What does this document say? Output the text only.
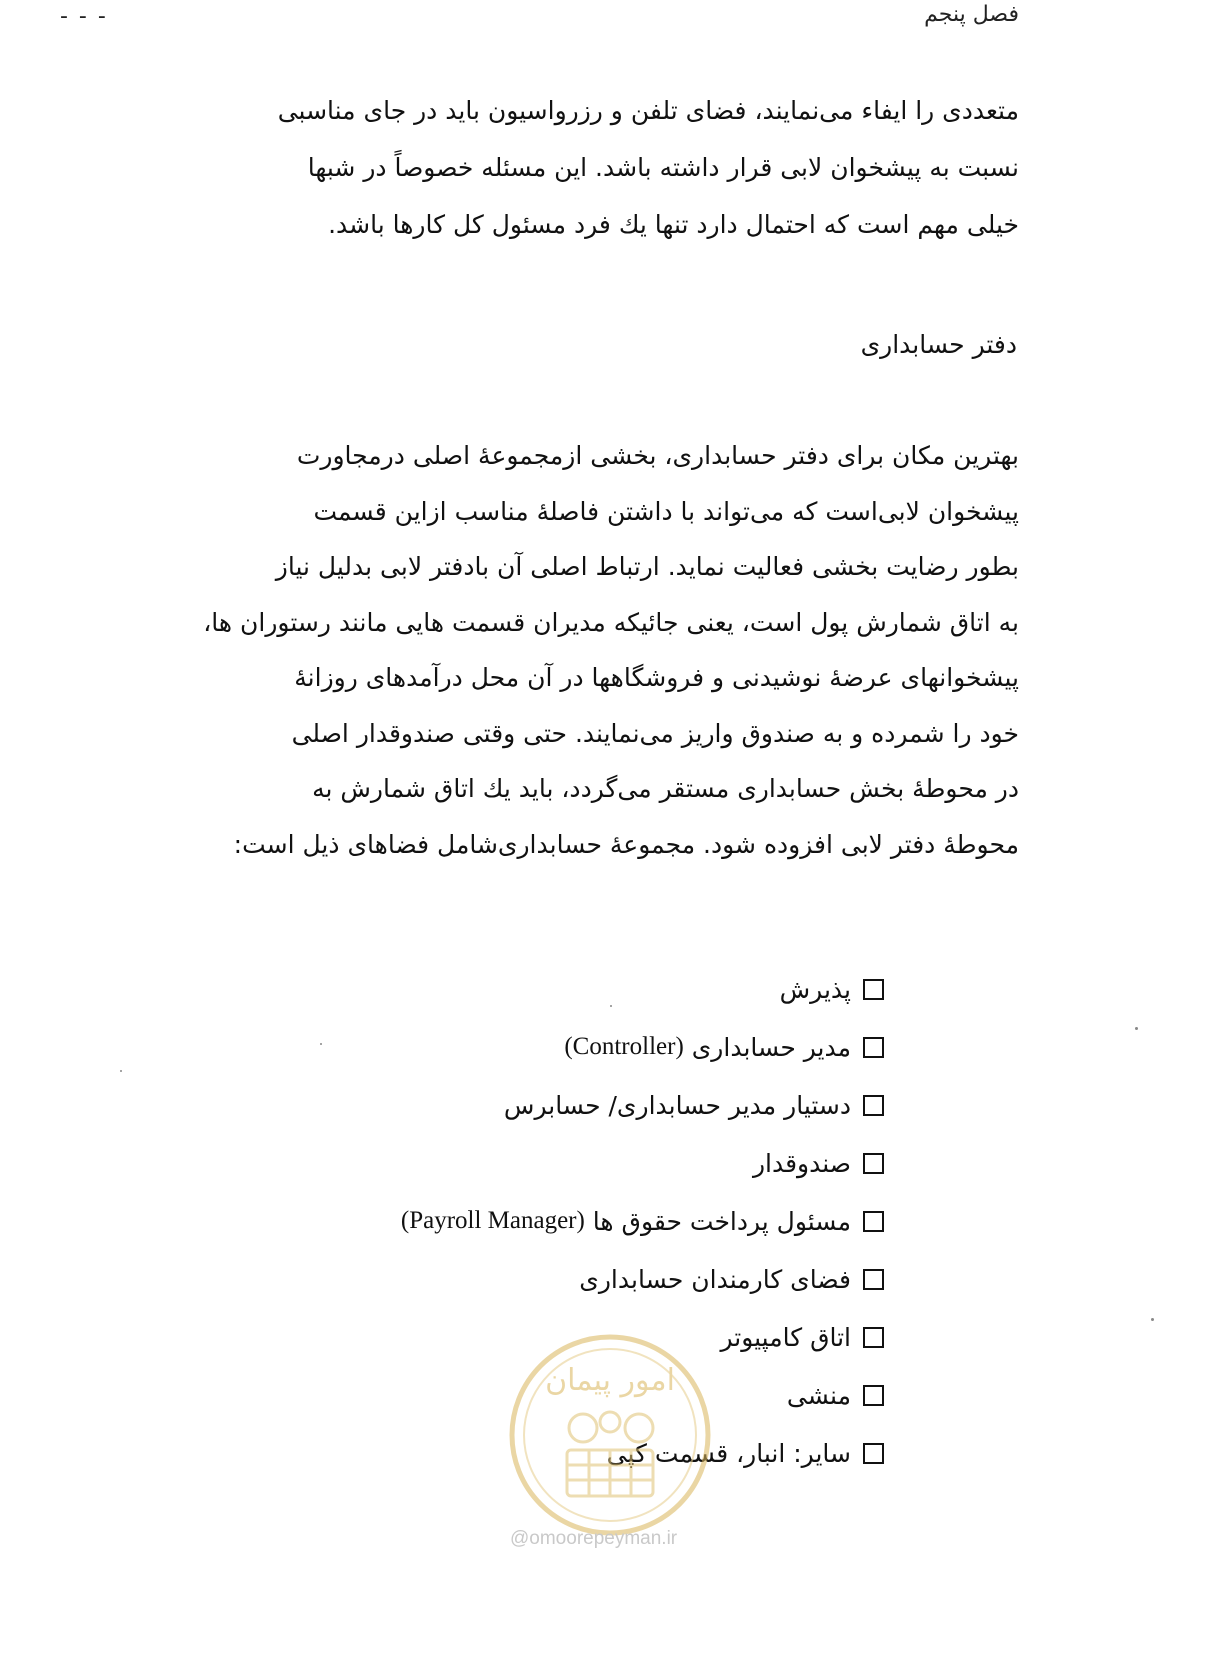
- - -	فصل پنجم
متعددی را ایفاء می‌نمایند، فضای تلفن و رزرواسیون باید در جای مناسبی
نسبت به پیشخوان لابی قرار داشته باشد. این مسئله خصوصاً در شبها
خیلی مهم است که احتمال دارد تنها یك فرد مسئول کل کارها باشد.
دفتر حسابداری
بهترین مکان برای دفتر حسابداری، بخشی ازمجموعهٔ اصلی درمجاورت
پیشخوان لابی‌است که می‌تواند با داشتن فاصلهٔ مناسب ازاین قسمت
بطور رضایت بخشی فعالیت نماید. ارتباط اصلی آن بادفتر لابی بدلیل نیاز
به اتاق شمارش پول است، یعنی جائیکه مدیران قسمت هایی مانند رستوران ها،
پیشخوانهای عرضهٔ نوشیدنی و فروشگاهها در آن محل درآمدهای روزانهٔ
خود را شمرده و به صندوق واریز می‌نمایند. حتی وقتی صندوقدار اصلی
در محوطهٔ بخش حسابداری مستقر می‌گردد، باید یك اتاق شمارش به
محوطهٔ دفتر لابی افزوده شود. مجموعهٔ حسابداری‌شامل فضاهای ذیل است:
پذیرش
مدیر حسابداری

(Controller)
دستیار مدیر حسابداری/ حسابرس
صندوقدار
مسئول پرداخت حقوق ها

(Payroll Manager)
فضای کارمندان حسابداری
اتاق کامپیوتر
منشی
سایر: انبار، قسمت کپی
امور پیمان
@omoorepeyman.ir
